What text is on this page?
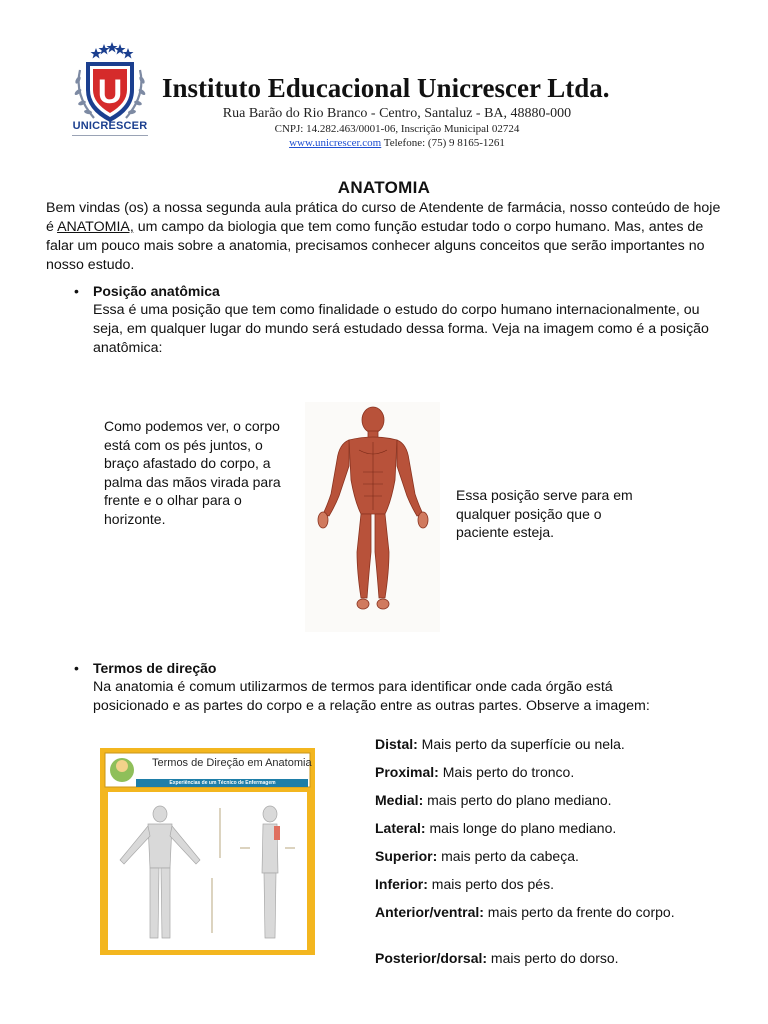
U
UNICRESCER
Instituto Educacional Unicrescer Ltda.
Rua Barão do Rio Branco - Centro, Santaluz - BA, 48880-000
CNPJ: 14.282.463/0001-06, Inscrição Municipal 02724
www.unicrescer.com Telefone: (75) 9 8165-1261
ANATOMIA
Bem vindas (os) a nossa segunda aula prática do curso de Atendente de farmácia, nosso conteúdo de hoje é ANATOMIA, um campo da biologia que tem como função estudar todo o corpo humano. Mas, antes de falar um pouco mais sobre a anatomia, precisamos conhecer alguns conceitos que serão importantes no nosso estudo.
• Posição anatômica
Essa é uma posição que tem como finalidade o estudo do corpo humano internacionalmente, ou seja, em qualquer lugar do mundo será estudado dessa forma. Veja na imagem como é a posição anatômica:
Como podemos ver, o corpo está com os pés juntos, o braço afastado do corpo, a palma das mãos virada para frente e o olhar para o horizonte.
Essa posição serve para em qualquer posição que o paciente esteja.
• Termos de direção
Na anatomia é comum utilizarmos de termos para identificar onde cada órgão está posicionado e as partes do corpo e a relação entre as outras partes. Observe a imagem:
Termos de Direção em Anatomia
Experiências de um Técnico de Enfermagem
Distal: Mais perto da superfície ou nela.
Proximal: Mais perto do tronco.
Medial: mais perto do plano mediano.
Lateral: mais longe do plano mediano.
Superior: mais perto da cabeça.
Inferior: mais perto dos pés.
Anterior/ventral: mais perto da frente do corpo.
Posterior/dorsal: mais perto do dorso.
